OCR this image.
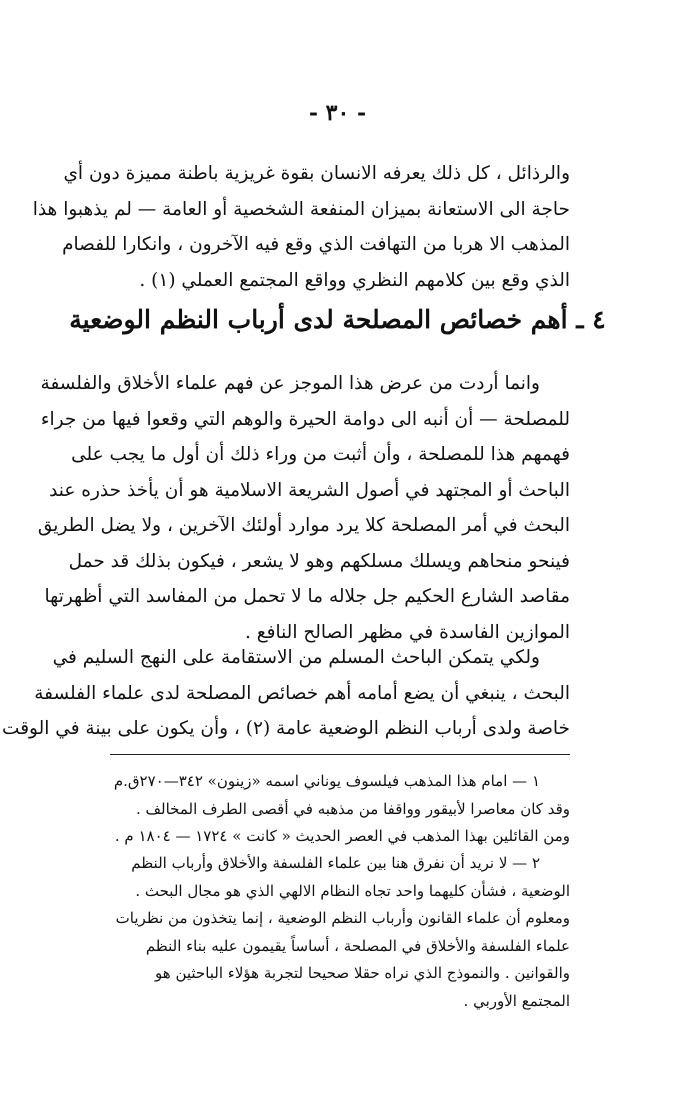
- ٣٠ -
والرذائل ، كل ذلك يعرفه الانسان بقوة غريزية باطنة مميزة دون أي
حاجة الى الاستعانة بميزان المنفعة الشخصية أو العامة — لم يذهبوا هذا
المذهب الا هربا من التهافت الذي وقع فيه الآخرون ، وانكارا للفصام
الذي وقع بين كلامهم النظري وواقع المجتمع العملي (١) .
٤ ـ أهم خصائص المصلحة لدى أرباب النظم الوضعية
وانما أردت من عرض هذا الموجز عن فهم علماء الأخلاق والفلسفة
للمصلحة — أن أنبه الى دوامة الحيرة والوهم التي وقعوا فيها من جراء
فهمهم هذا للمصلحة ، وأن أثبت من وراء ذلك أن أول ما يجب على
الباحث أو المجتهد في أصول الشريعة الاسلامية هو أن يأخذ حذره عند
البحث في أمر المصلحة كلا يرد موارد أولئك الآخرين ، ولا يضل الطريق
فينحو منحاهم ويسلك مسلكهم وهو لا يشعر ، فيكون بذلك قد حمل
مقاصد الشارع الحكيم جل جلاله ما لا تحمل من المفاسد التي أظهرتها
الموازين الفاسدة في مظهر الصالح النافع .
ولكي يتمكن الباحث المسلم من الاستقامة على النهج السليم في
البحث ، ينبغي أن يضع أمامه أهم خصائص المصلحة لدى علماء الفلسفة
خاصة ولدى أرباب النظم الوضعية عامة (٢) ، وأن يكون على بينة في الوقت
١ — امام هذا المذهب فيلسوف يوناني اسمه «زينون» ٣٤٢—٢٧٠ق.م
وقد كان معاصرا لأبيقور وواقفا من مذهبه في أقصى الطرف المخالف .
ومن القائلين بهذا المذهب في العصر الحديث « كانت » ١٧٢٤ — ١٨٠٤ م .
٢ — لا نريد أن نفرق هنا بين علماء الفلسفة والأخلاق وأرباب النظم
الوضعية ، فشأن كليهما واحد تجاه النظام الالهي الذي هو مجال البحث .
ومعلوم أن علماء القانون وأرباب النظم الوضعية ، إنما يتخذون من نظريات
علماء الفلسفة والأخلاق في المصلحة ، أساساً يقيمون عليه بناء النظم
والقوانين . والنموذج الذي نراه حقلا صحيحا لتجربة هؤلاء الباحثين هو
المجتمع الأوربي .
